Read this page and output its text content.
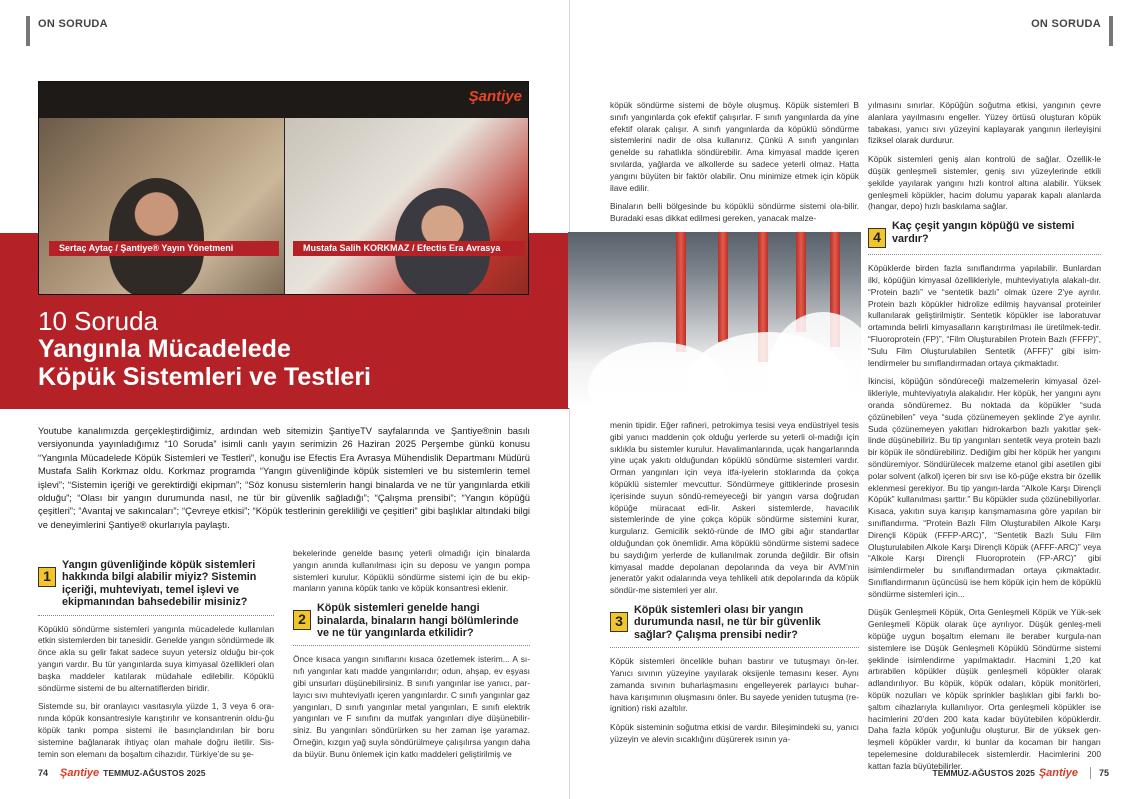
ON SORUDA
Şantiye
Sertaç Aytaç / Şantiye® Yayın Yönetmeni	Mustafa Salih KORKMAZ / Efectis Era Avrasya
10 Soruda
Yangınla Mücadelede
Köpük Sistemleri ve Testleri
Youtube kanalımızda gerçekleştirdiğimiz, ardından web sitemizin ŞantiyeTV sayfalarında ve Şantiye®nin basılı versiyonunda yayınladığımız “10 Soruda” isimli canlı yayın serimizin 26 Haziran 2025 Perşembe günkü konusu “Yangınla Mücadelede Köpük Sistemleri ve Testleri”, konuğu ise Efectis Era Avrasya Mühendislik Departmanı Müdürü Mustafa Salih Korkmaz oldu. Korkmaz programda “Yangın güvenliğinde köpük sistemleri ve bu sistemlerin temel işlevi”; “Sistemin içeriği ve gerektirdiği ekipman”; “Söz konusu sistemlerin hangi binalarda ve ne tür yangınlarda etkili olduğu”; “Olası bir yangın durumunda nasıl, ne tür bir güvenlik sağladığı”; “Çalışma prensibi”; “Yangın köpüğü çeşitleri”; “Avantaj ve sakıncaları”; “Çevreye etkisi”; “Köpük testlerinin gerekliliği ve çeşitleri” gibi başlıklar altındaki bilgi ve deneyimlerini Şantiye® okurlarıyla paylaştı.
1
Yangın güvenliğinde köpük sistemleri hakkında bilgi alabilir miyiz? Sistemin içeriği, muhteviyatı, temel işlevi ve ekipmanından bahsedebilir misiniz?

Köpüklü söndürme sistemleri yangınla mücadelede kullanılan etkin sistemlerden bir tanesidir. Genelde yangın söndürmede ilk önce akla su gelir fakat sadece suyun yetersiz olduğu bir-çok yangın vardır. Bu tür yangınlarda suya kimyasal özellikleri olan başka maddeler katılarak müdahale edilebilir. Köpüklü söndürme sistemi de bu alternatiflerden biridir.

Sistemde su, bir oranlayıcı vasıtasıyla yüzde 1, 3 veya 6 ora-nında köpük konsantresiyle karıştırılır ve konsantrenin oldu-ğu köpük tankı pompa sistemi ile basınçlandırılan bir boru sistemine bağlanarak ihtiyaç olan mahale doğru iletilir. Sis-temin son elemanı da boşaltım cihazıdır. Türkiye’de su şe-

bekelerinde genelde basınç yeterli olmadığı için binalarda yangın anında kullanılması için su deposu ve yangın pompa sistemleri kurulur. Köpüklü söndürme sistemi için de bu ekip-manların yanına köpük tankı ve köpük konsantresi eklenir.

2
Köpük sistemleri genelde hangi binalarda, binaların hangi bölümlerinde ve ne tür yangınlarda etkilidir?

Önce kısaca yangın sınıflarını kısaca özetlemek isterim... A sı-nıfı yangınlar katı madde yangınlarıdır; odun, ahşap, ev eşyası gibi unsurları düşünebilirsiniz. B sınıfı yangınlar ise yanıcı, par-layıcı sıvı muhteviyatlı içeren yangınlardır. C sınıfı yangınlar gaz yangınları, D sınıfı yangınlar metal yangınları, E sınıfı elektrik yangınları ve F sınıfını da mutfak yangınları diye düşünebilir-siniz. Bu yangınları söndürürken su her zaman işe yaramaz. Örneğin, kızgın yağ suyla söndürülmeye çalışılırsa yangın daha da büyür. Bunu önlemek için katkı maddeleri geliştirilmiş ve

74 Şantiye TEMMUZ-AĞUSTOS 2025
ON SORUDA

köpük söndürme sistemi de böyle oluşmuş. Köpük sistemleri B sınıfı yangınlarda çok efektif çalışırlar. F sınıfı yangınlarda da yine efektif olarak çalışır. A sınıfı yangınlarda da köpüklü söndürme sistemlerini nadir de olsa kullanırız. Çünkü A sınıfı yangınları genelde su rahatlıkla söndürebilir. Ama kimyasal madde içeren sıvılarda, yağlarda ve alkollerde su sadece yeterli olmaz. Hatta yangını büyüten bir faktör olabilir. Onu minimize etmek için köpük ilave edilir.

Binaların belli bölgesinde bu köpüklü söndürme sistemi ola-bilir. Buradaki esas dikkat edilmesi gereken, yanacak malze-

menin tipidir. Eğer rafineri, petrokimya tesisi veya endüstriyel tesis gibi yanıcı maddenin çok olduğu yerlerde su yeterli ol-madığı için sıklıkla bu sistemler kurulur. Havalimanlarında, uçak hangarlarında yine uçak yakıtı olduğundan köpüklü söndürme sistemleri vardır. Orman yangınları için veya itfa-iyelerin stoklarında da çokça köpüklü sistemler mevcuttur. Söndürmeye gittiklerinde prosesin içerisinde suyun söndü-remeyeceği bir yangın varsa doğrudan köpüğe müracaat edi-lir. Askeri sistemlerde, havacılık sistemlerinde de yine çokça köpük söndürme sistemini kurar, kurgularız. Gemicilik sektö-ründe de IMO gibi ağır standartlar olduğundan çok önemlidir. Ama köpüklü söndürme sistemi sadece bu saydığım yerlerde de kullanılmak zorunda değildir. Bir ofisin kimyasal madde depolanan depolarında da veya bir AVM’nin jeneratör yakıt odalarında veya tehlikeli atık depolarında da köpük söndür-me sistemleri yer alır.

3
Köpük sistemleri olası bir yangın durumunda nasıl, ne tür bir güvenlik sağlar? Çalışma prensibi nedir?

Köpük sistemleri öncelikle buharı bastırır ve tutuşmayı ön-ler. Yanıcı sıvının yüzeyine yayılarak oksijenle temasını keser. Aynı zamanda sıvının buharlaşmasını engelleyerek parlayıcı buhar-hava karışımının oluşmasını önler. Bu sayede yeniden tutuşma (re-ignition) riski azaltılır.

Köpük sisteminin soğutma etkisi de vardır. Bileşimindeki su, yanıcı yüzeyin ve alevin sıcaklığını düşürerek ısının ya-

yılmasını sınırlar. Köpüğün soğutma etkisi, yangının çevre alanlara yayılmasını engeller. Yüzey örtüsü oluşturan köpük tabakası, yanıcı sıvı yüzeyini kaplayarak yangının ilerleyişini fiziksel olarak durdurur.

Köpük sistemleri geniş alan kontrolü de sağlar. Özellik-le düşük genleşmeli sistemler, geniş sıvı yüzeylerinde etkili şekilde yayılarak yangını hızlı kontrol altına alabilir. Yüksek genleşmeli köpükler, hacim dolumu yaparak kapalı alanlarda (hangar, depo) hızlı baskılama sağlar.

4
Kaç çeşit yangın köpüğü ve sistemi vardır?

Köpüklerde birden fazla sınıflandırma yapılabilir. Bunlardan ilki, köpüğün kimyasal özellikleriyle, muhteviyatıyla alakalı-dır. “Protein bazlı” ve “sentetik bazlı” olmak üzere 2’ye ayrılır. Protein bazlı köpükler hidrolize edilmiş hayvansal proteinler kullanılarak geliştirilmiştir. Sentetik köpükler ise laboratuvar ortamında belirli kimyasalların karıştırılması ile üretilmek-tedir. “Fluoroprotein (FP)”, “Film Oluşturabilen Protein Bazlı (FFFP)”, “Sulu Film Oluşturulabilen Sentetik (AFFF)” gibi isim-lendirmeler bu sınıflandırmadan ortaya çıkmaktadır.

İkincisi, köpüğün söndüreceği malzemelerin kimyasal özel-likleriyle, muhteviyatıyla alakalıdır. Her köpük, her yangını aynı oranda söndüremez. Bu noktada da köpükler “suda çözünebilen” veya “suda çözünemeyen şeklinde 2’ye ayrılır. Suda çözünemeyen yakıtları hidrokarbon bazlı yakıtlar şek-linde düşünebiliriz. Bu tip yangınları sentetik veya protein bazlı bir köpük ile söndürebiliriz. Dediğim gibi her köpük her yangını söndüremiyor. Söndürülecek malzeme etanol gibi asetilen gibi polar solvent (alkol) içeren bir sıvı ise kö-püğe ekstra bir özellik eklenmesi gerekiyor. Bu tip yangın-larda “Alkole Karşı Dirençli Köpük” kullanılması şarttır.” Bu köpükler suda çözünebiliyorlar. Kısaca, yakıtın suya karışıp karışmamasına göre yapılan bir sınıflandırma. “Protein Bazlı Film Oluşturabilen Alkole Karşı Dirençli Köpük (FFFP-ARC)”, “Sentetik Bazlı Sulu Film Oluşturulabilen Alkole Karşı Dirençli Köpük (AFFF-ARC)” veya “Alkole Karşı Dirençli Fluoroprotein (FP-ARC)” gibi isimlendirmeler bu sınıflandırmadan ortaya çıkmaktadır. Sınıflandırmanın üçüncüsü ise hem köpük için hem de köpüklü söndürme sistemleri için...

Düşük Genleşmeli Köpük, Orta Genleşmeli Köpük ve Yük-sek Genleşmeli Köpük olarak üçe ayrılıyor. Düşük genleş-meli köpüğe uygun boşaltım elemanı ile beraber kurgula-nan sistemlere ise Düşük Genleşmeli Köpüklü Söndürme sistemi şeklinde isimlendirme yapılmaktadır. Hacmini 1,20 kat artırabilen köpükler düşük genleşmeli köpükler olarak adlandırılıyor. Bu köpük, köpük odaları, köpük monitörleri, köpük nozulları ve köpük sprinkler başlıkları gibi farklı bo-şaltım cihazlarıyla kullanılıyor. Orta genleşmeli köpükler ise hacimlerini 20’den 200 kata kadar büyütebilen köpüklerdir. Daha fazla köpük yoğunluğu oluşturur. Bir de yüksek gen-leşmeli köpükler vardır, ki bunlar da kocaman bir hangarı tepelemesine doldurabilecek sistemlerdir. Hacimlerini 200 kattan fazla büyütebilirler.

TEMMUZ-AĞUSTOS 2025 Şantiye 75
